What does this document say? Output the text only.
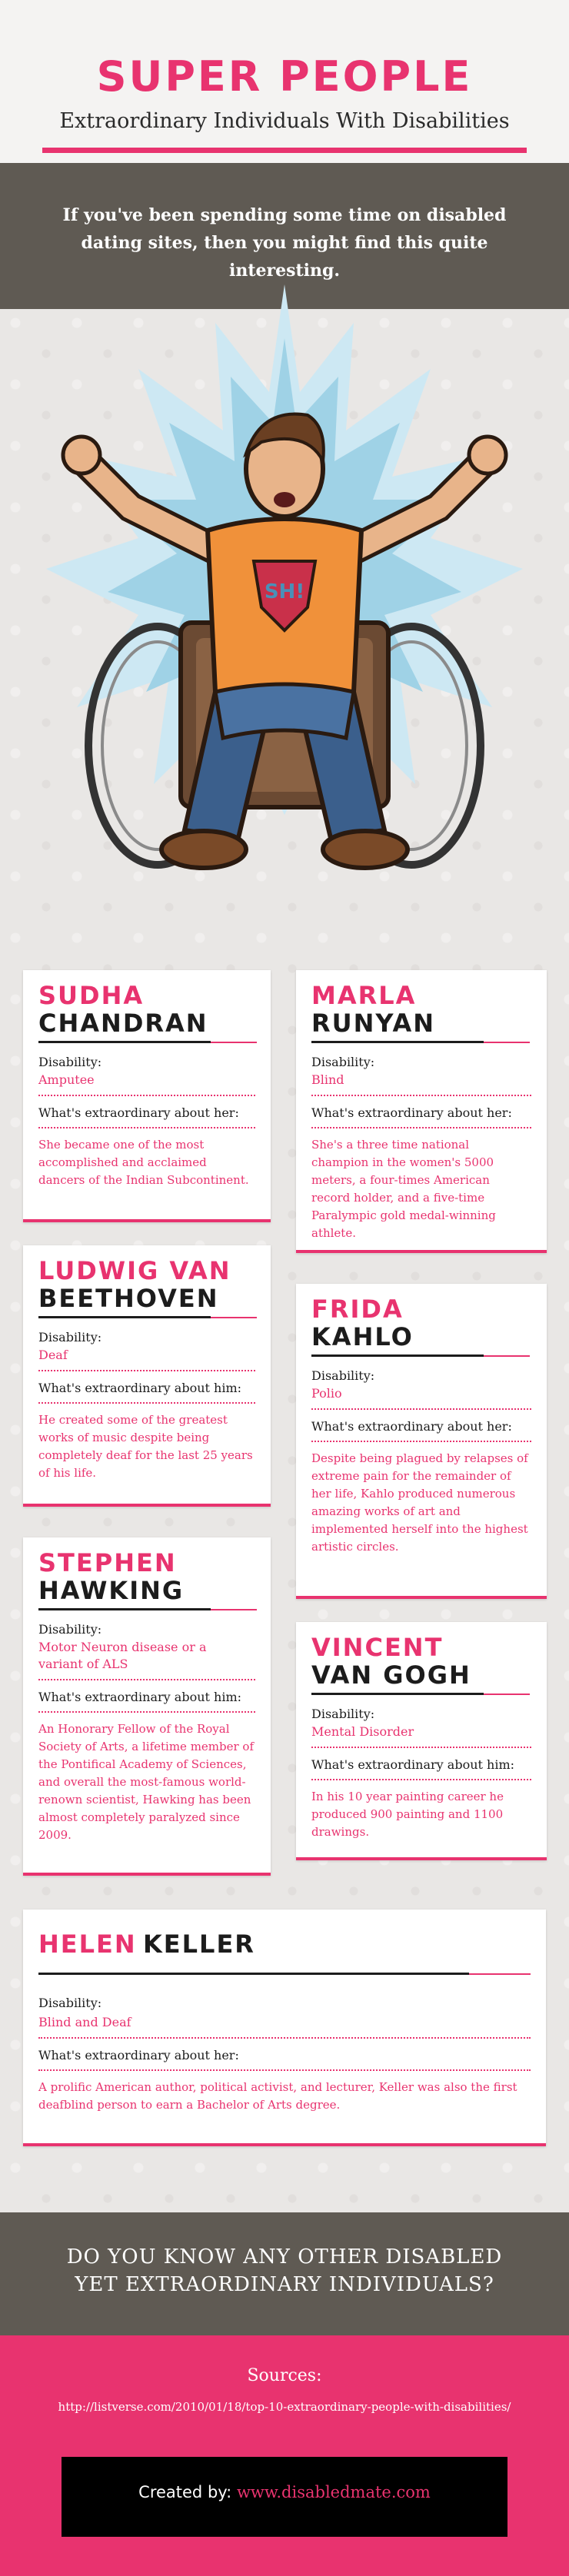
SUPER PEOPLE
Extraordinary Individuals With Disabilities
If you've been spending some time on disabled dating sites, then you might find this quite interesting.
SH!
SUDHA
CHANDRAN
Disability:
Amputee
What's extraordinary about her:
She became one of the most accomplished and acclaimed dancers of the Indian Subcontinent.
MARLA
RUNYAN
Disability:
Blind
What's extraordinary about her:
She's a three time national champion in the women's 5000 meters, a four-times American record holder, and a five-time Paralympic gold medal-winning athlete.
LUDWIG VAN
BEETHOVEN
Disability:
Deaf
What's extraordinary about him:
He created some of the greatest works of music despite being completely deaf for the last 25 years of his life.
FRIDA
KAHLO
Disability:
Polio
What's extraordinary about her:
Despite being plagued by relapses of extreme pain for the remainder of her life, Kahlo produced numerous amazing works of art and implemented herself into the highest artistic circles.
STEPHEN
HAWKING
Disability:
Motor Neuron disease or a variant of ALS
What's extraordinary about him:
An Honorary Fellow of the Royal Society of Arts, a lifetime member of the Pontifical Academy of Sciences, and overall the most-famous world-renown scientist, Hawking has been almost completely paralyzed since 2009.
VINCENT
VAN GOGH
Disability:
Mental Disorder
What's extraordinary about him:
In his 10 year painting career he produced 900 painting and 1100 drawings.
HELEN KELLER
Disability:
Blind and Deaf
What's extraordinary about her:
A prolific American author, political activist, and lecturer, Keller was also the first deafblind person to earn a Bachelor of Arts degree.
DO YOU KNOW ANY OTHER DISABLED
YET EXTRAORDINARY INDIVIDUALS?
Sources:
http://listverse.com/2010/01/18/top-10-extraordinary-people-with-disabilities/
Created by: www.disabledmate.com
